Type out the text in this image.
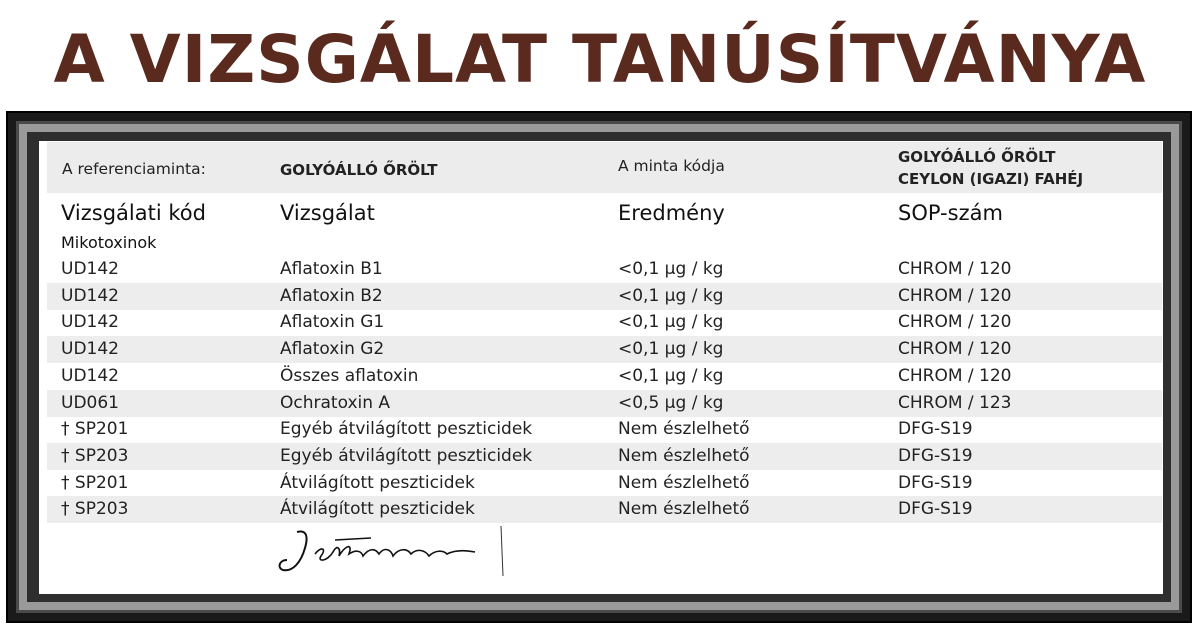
A VIZSGÁLAT TANÚSÍTVÁNYA
A referenciaminta:	GOLYÓÁLLÓ ŐRÖLT	A minta kódja	GOLYÓÁLLÓ ŐRÖLT
CEYLON (IGAZI) FAHÉJ
Vizsgálati kód	Vizsgálat	Eredmény	SOP-szám
Mikotoxinok
UD142	Aflatoxin B1	<0,1 µg / kg	CHROM / 120
UD142	Aflatoxin B2	<0,1 µg / kg	CHROM / 120
UD142	Aflatoxin G1	<0,1 µg / kg	CHROM / 120
UD142	Aflatoxin G2	<0,1 µg / kg	CHROM / 120
UD142	Összes aflatoxin	<0,1 µg / kg	CHROM / 120
UD061	Ochratoxin A	<0,5 µg / kg	CHROM / 123
† SP201	Egyéb átvilágított peszticidek	Nem észlelhető	DFG-S19
† SP203	Egyéb átvilágított peszticidek	Nem észlelhető	DFG-S19
† SP201	Átvilágított peszticidek	Nem észlelhető	DFG-S19
† SP203	Átvilágított peszticidek	Nem észlelhető	DFG-S19
